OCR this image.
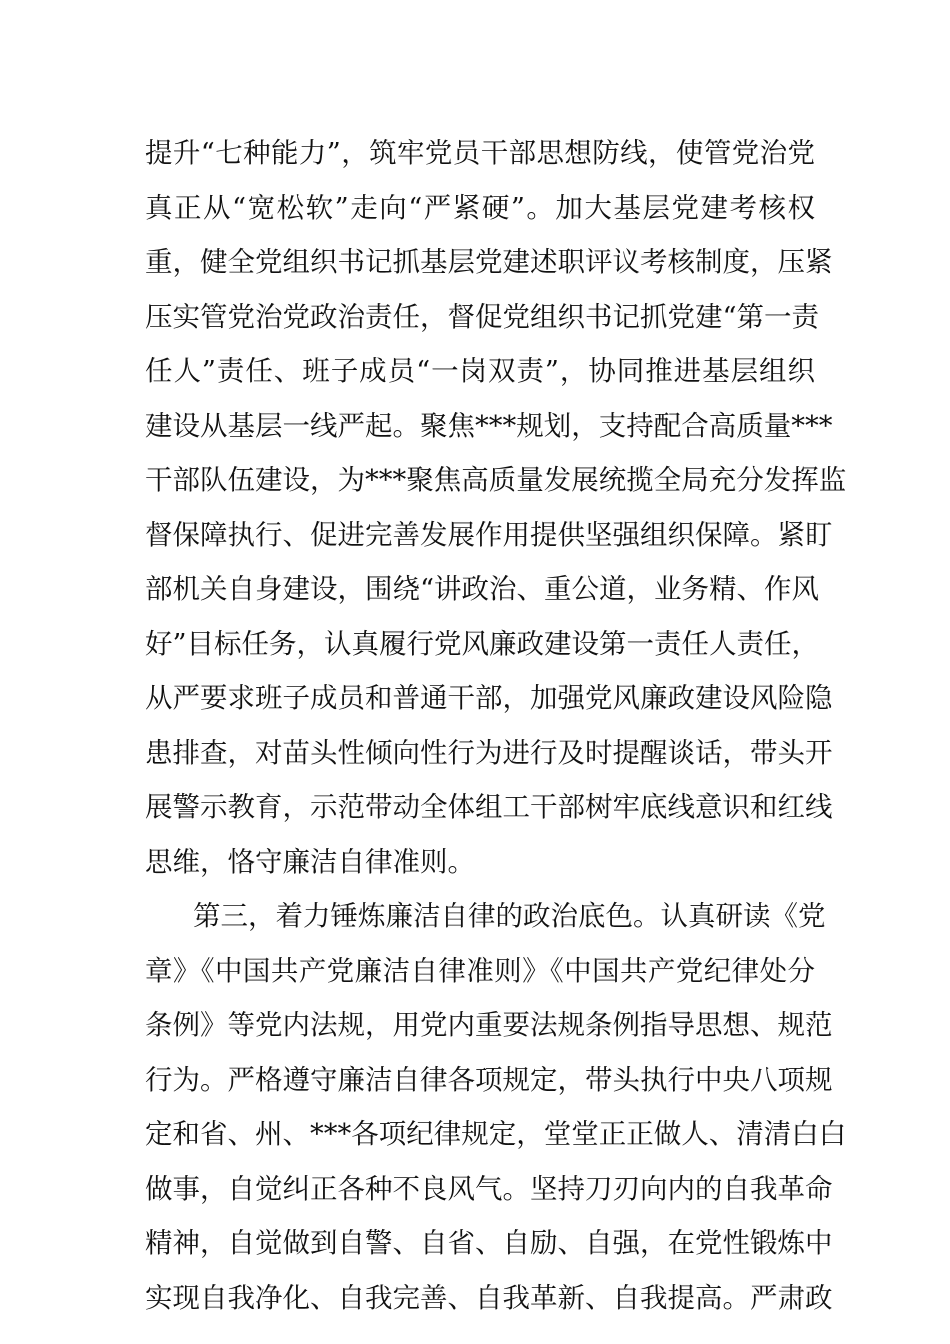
提升“七种能力”，筑牢党员干部思想防线，使管党治党
真正从“宽松软”走向“严紧硬”。加大基层党建考核权
重，健全党组织书记抓基层党建述职评议考核制度，压紧
压实管党治党政治责任，督促党组织书记抓党建“第一责
任人”责任、班子成员“一岗双责”，协同推进基层组织
建设从基层一线严起。聚焦***规划，支持配合高质量***
干部队伍建设，为***聚焦高质量发展统揽全局充分发挥监
督保障执行、促进完善发展作用提供坚强组织保障。紧盯
部机关自身建设，围绕“讲政治、重公道，业务精、作风
好”目标任务，认真履行党风廉政建设第一责任人责任，
从严要求班子成员和普通干部，加强党风廉政建设风险隐
患排查，对苗头性倾向性行为进行及时提醒谈话，带头开
展警示教育，示范带动全体组工干部树牢底线意识和红线
思维，恪守廉洁自律准则。
第三，着力锤炼廉洁自律的政治底色。认真研读《党
章》《中国共产党廉洁自律准则》《中国共产党纪律处分
条例》等党内法规，用党内重要法规条例指导思想、规范
行为。严格遵守廉洁自律各项规定，带头执行中央八项规
定和省、州、***各项纪律规定，堂堂正正做人、清清白白
做事，自觉纠正各种不良风气。坚持刀刃向内的自我革命
精神，自觉做到自警、自省、自励、自强，在党性锻炼中
实现自我净化、自我完善、自我革新、自我提高。严肃政
